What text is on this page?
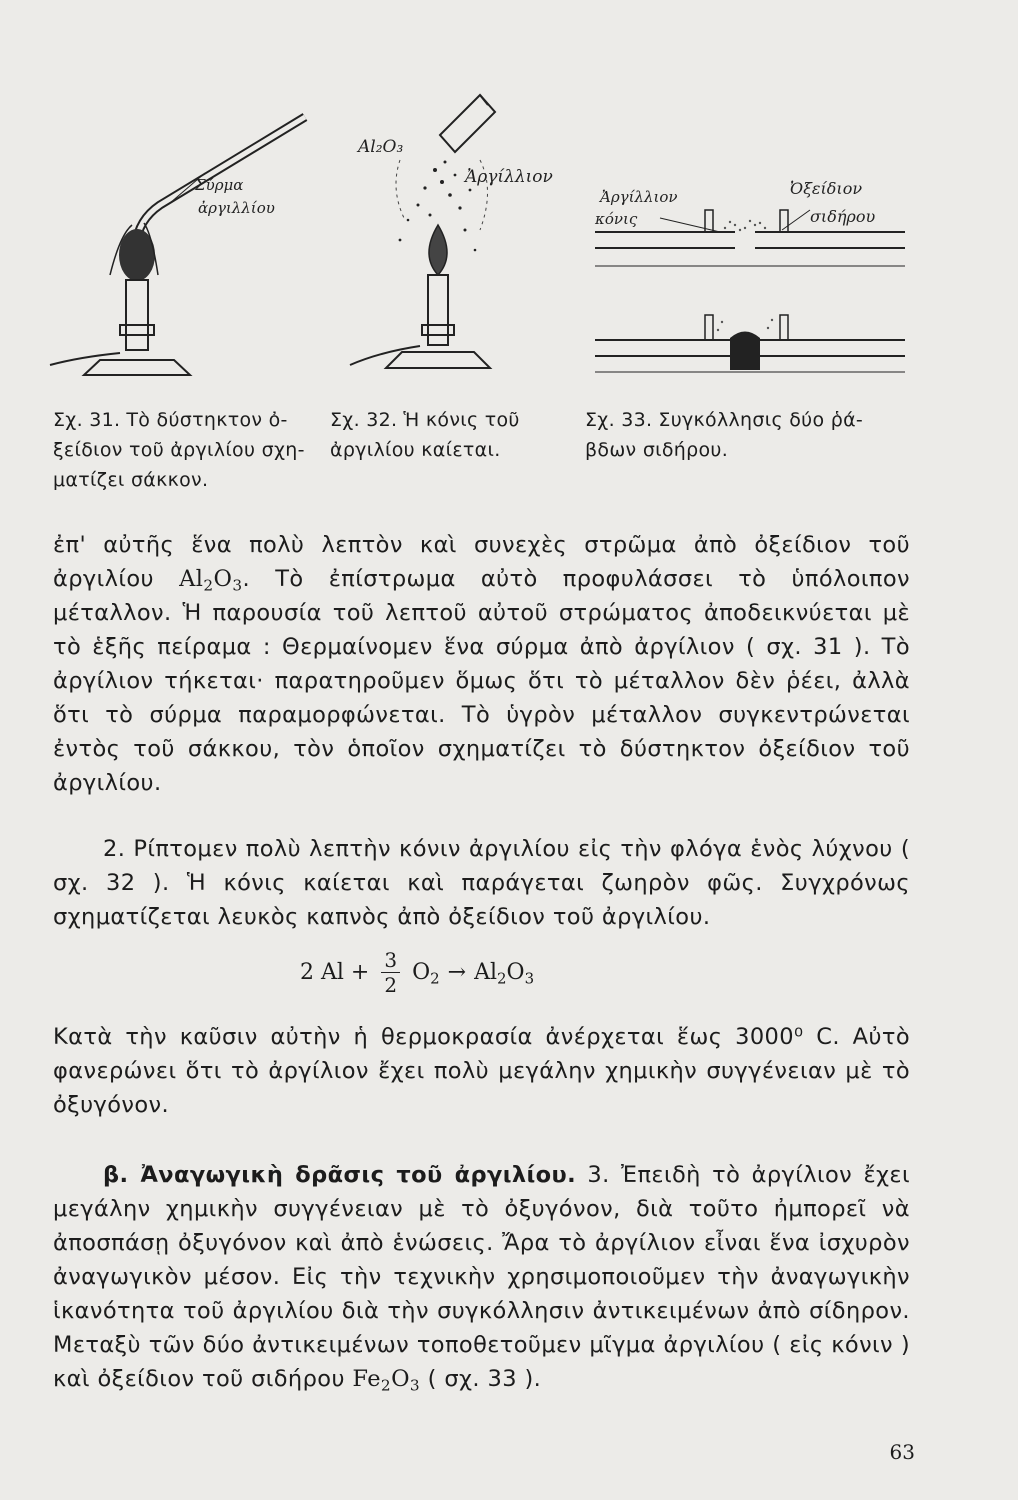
Σύρμα
ἀργιλλίου
Al₂O₃
Ἀργίλλιον
Ἀργίλλιον
κόνις
Ὀξείδιον
σιδήρου
Σχ. 31. Τὸ δύστηκτον ὀ-
ξείδιον τοῦ ἀργιλίου σχη-
ματίζει σάκκον.
Σχ. 32. Ἡ κόνις τοῦ
ἀργιλίου καίεται.
Σχ. 33. Συγκόλλησις δύο ῥά-
βδων σιδήρου.

ἐπ' αὐτῆς ἕνα πολὺ λεπτὸν καὶ συνεχὲς στρῶμα ἀπὸ ὀξείδιον τοῦ ἀργιλίου $Al_2O_3$. Τὸ ἐπίστρωμα αὐτὸ προφυλάσσει τὸ ὑπόλοιπον μέταλλον. Ἡ παρουσία τοῦ λεπτοῦ αὐτοῦ στρώματος ἀποδεικνύεται μὲ τὸ ἑξῆς πείραμα : Θερμαίνομεν ἕνα σύρμα ἀπὸ ἀργίλιον ( σχ. 31 ). Τὸ ἀργίλιον τήκεται· παρατηροῦμεν ὅμως ὅτι τὸ μέταλλον δὲν ῥέει, ἀλλὰ ὅτι τὸ σύρμα παραμορφώνεται. Τὸ ὑγρὸν μέταλλον συγκεντρώνεται ἐντὸς τοῦ σάκκου, τὸν ὁποῖον σχηματίζει τὸ δύστηκτον ὀξείδιον τοῦ ἀργιλίου.

2. Ρίπτομεν πολὺ λεπτὴν κόνιν ἀργιλίου εἰς τὴν φλόγα ἑνὸς λύχνου ( σχ. 32 ). Ἡ κόνις καίεται καὶ παράγεται ζωηρὸν φῶς. Συγχρόνως σχηματίζεται λευκὸς καπνὸς ἀπὸ ὀξείδιον τοῦ ἀργιλίου.

2 $Al + \frac{3}{2} O_2 \to Al_2O_3$

Κατὰ τὴν καῦσιν αὐτὴν ἡ θερμοκρασία ἀνέρχεται ἕως 3000⁰ C. Αὐτὸ φανερώνει ὅτι τὸ ἀργίλιον ἔχει πολὺ μεγάλην χημικὴν συγγένειαν μὲ τὸ ὀξυγόνον.

β. Ἀναγωγικὴ δρᾶσις τοῦ ἀργιλίου. 3. Ἐπειδὴ τὸ ἀργίλιον ἔχει μεγάλην χημικὴν συγγένειαν μὲ τὸ ὀξυγόνον, διὰ τοῦτο ἠμπορεῖ νὰ ἀποσπάσῃ ὀξυγόνον καὶ ἀπὸ ἑνώσεις. Ἄρα τὸ ἀργίλιον εἶναι ἕνα ἰσχυρὸν ἀναγωγικὸν μέσον. Εἰς τὴν τεχνικὴν χρησιμοποιοῦμεν τὴν ἀναγωγικὴν ἱκανότητα τοῦ ἀργιλίου διὰ τὴν συγκόλλησιν ἀντικειμένων ἀπὸ σίδηρον. Μεταξὺ τῶν δύο ἀντικειμένων τοποθετοῦμεν μῖγμα ἀργιλίου ( εἰς κόνιν ) καὶ ὀξείδιον τοῦ σιδήρου $Fe_2O_3$ ( σχ. 33 ).

63
